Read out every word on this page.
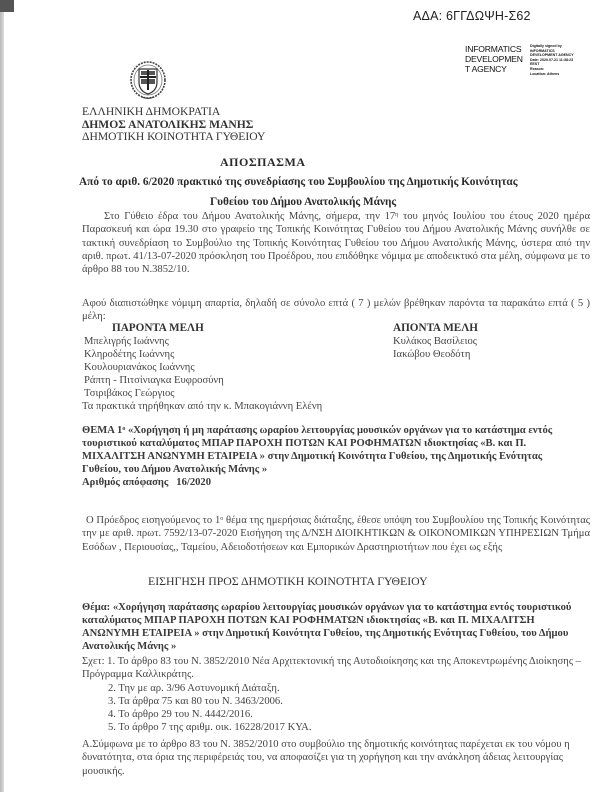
ΑΔΑ: 6ΓΓΔΩΨΗ-Σ62
INFORMATICS
DEVELOPMEN
T AGENCY
Digitally signed by
INFORMATICS
DEVELOPMENT AGENCY
Date: 2020.07.21 11:38:23
EEST
Reason:
Location: Athens
ΕΛΛΗΝΙΚΗ ΔΗΜΟΚΡΑΤΙΑ
ΔΗΜΟΣ ΑΝΑΤΟΛΙΚΗΣ ΜΑΝΗΣ
ΔΗΜΟΤΙΚΗ ΚΟΙΝΟΤΗΤΑ ΓΥΘΕΙΟΥ
ΑΠΟΣΠΑΣΜΑ
Από το αριθ. 6/2020 πρακτικό της συνεδρίασης του Συμβουλίου της Δημοτικής Κοινότητας
Γυθείου του Δήμου Ανατολικής Μάνης
Στο Γύθειο έδρα του Δήμου Ανατολικής Μάνης, σήμερα, την $17^\eta$ του μηνός Ιουλίου του έτους 2020 ημέρα Παρασκευή και ώρα 19.30 στο γραφείο της Τοπικής Κοινότητας Γυθείου του Δήμου Ανατολικής Μάνης συνήλθε σε τακτική συνεδρίαση το Συμβούλιο της Τοπικής Κοινότητας Γυθείου του Δήμου Ανατολικής Μάνης, ύστερα από την αριθ. πρωτ. 41/13-07-2020 πρόσκληση του Προέδρου, που επιδόθηκε νόμιμα με αποδεικτικό στα μέλη, σύμφωνα με το άρθρο 88 του Ν.3852/10.
Αφού διαπιστώθηκε νόμιμη απαρτία, δηλαδή σε σύνολο επτά ( 7 ) μελών βρέθηκαν παρόντα τα παρακάτω επτά ( 5 ) μέλη:
ΠΑΡΟΝΤΑ ΜΕΛΗ	ΑΠΟΝΤΑ ΜΕΛΗ
Μπελιγρής Ιωάννης
Κληροδέτης Ιωάννης
Κουλουριανάκος Ιωάννης
Ράπτη - Πιτσίνιαγκα Ευφροσύνη
Τσιριβάκος Γεώργιος
Τα πρακτικά τηρήθηκαν από την κ. Μπακογιάννη Ελένη
Κυλάκος Βασίλειος
Ιακώβου Θεοδότη
ΘΕΜΑ $1^o$ «Χορήγηση ή μη παράτασης ωραρίου λειτουργίας μουσικών οργάνων για το κατάστημα εντός τουριστικού καταλύματος ΜΠΑΡ ΠΑΡΟΧΗ ΠΟΤΩΝ ΚΑΙ ΡΟΦΗΜΑΤΩΝ ιδιοκτησίας «Β. και Π. ΜΙΧΑΛΙΤΣΗ ΑΝΩΝΥΜΗ ΕΤΑΙΡΕΙΑ » στην Δημοτική Κοινότητα Γυθείου, της Δημοτικής Ενότητας Γυθείου, του Δήμου Ανατολικής Μάνης »
Αριθμός απόφασης 16/2020
Ο Πρόεδρος εισηγούμενος το $1^o$ θέμα της ημερήσιας διάταξης, έθεσε υπόψη του Συμβουλίου της Τοπικής Κοινότητας την με αριθ. πρωτ. 7592/13-07-2020 Εισήγηση της Δ/ΝΣΗ ΔΙΟΙΚΗΤΙΚΩΝ & ΟΙΚΟΝΟΜΙΚΩΝ ΥΠΗΡΕΣΙΩΝ Τμήμα Εσόδων , Περιουσίας,, Ταμείου, Αδειοδοτήσεων και Εμπορικών Δραστηριοτήτων που έχει ως εξής
ΕΙΣΗΓΗΣΗ ΠΡΟΣ ΔΗΜΟΤΙΚΗ ΚΟΙΝΟΤΗΤΑ ΓΥΘΕΙΟΥ
Θέμα: «Χορήγηση παράτασης ωραρίου λειτουργίας μουσικών οργάνων για το κατάστημα εντός τουριστικού καταλύματος ΜΠΑΡ ΠΑΡΟΧΗ ΠΟΤΩΝ ΚΑΙ ΡΟΦΗΜΑΤΩΝ ιδιοκτησίας «Β. και Π. ΜΙΧΑΛΙΤΣΗ ΑΝΩΝΥΜΗ ΕΤΑΙΡΕΙΑ » στην Δημοτική Κοινότητα Γυθείου, της Δημοτικής Ενότητας Γυθείου, του Δήμου Ανατολικής Μάνης »
Σχετ: 1. Το άρθρο 83 του Ν. 3852/2010 Νέα Αρχιτεκτονική της Αυτοδιοίκησης και της Αποκεντρωμένης Διοίκησης – Πρόγραμμα Καλλικράτης.
2. Την με αρ. 3/96 Αστυνομική Διάταξη.
3. Τα άρθρα 75 και 80 του Ν. 3463/2006.
4. Το άρθρο 29 του Ν. 4442/2016.
5. Το άρθρο 7 της αριθμ. οικ. 16228/2017 ΚΥΑ.
Α.Σύμφωνα με το άρθρο 83 του Ν. 3852/2010 στο συμβούλιο της δημοτικής κοινότητας παρέχεται εκ του νόμου η δυνατότητα, στα όρια της περιφέρειάς του, να αποφασίζει για τη χορήγηση και την ανάκληση άδειας λειτουργίας μουσικής.
